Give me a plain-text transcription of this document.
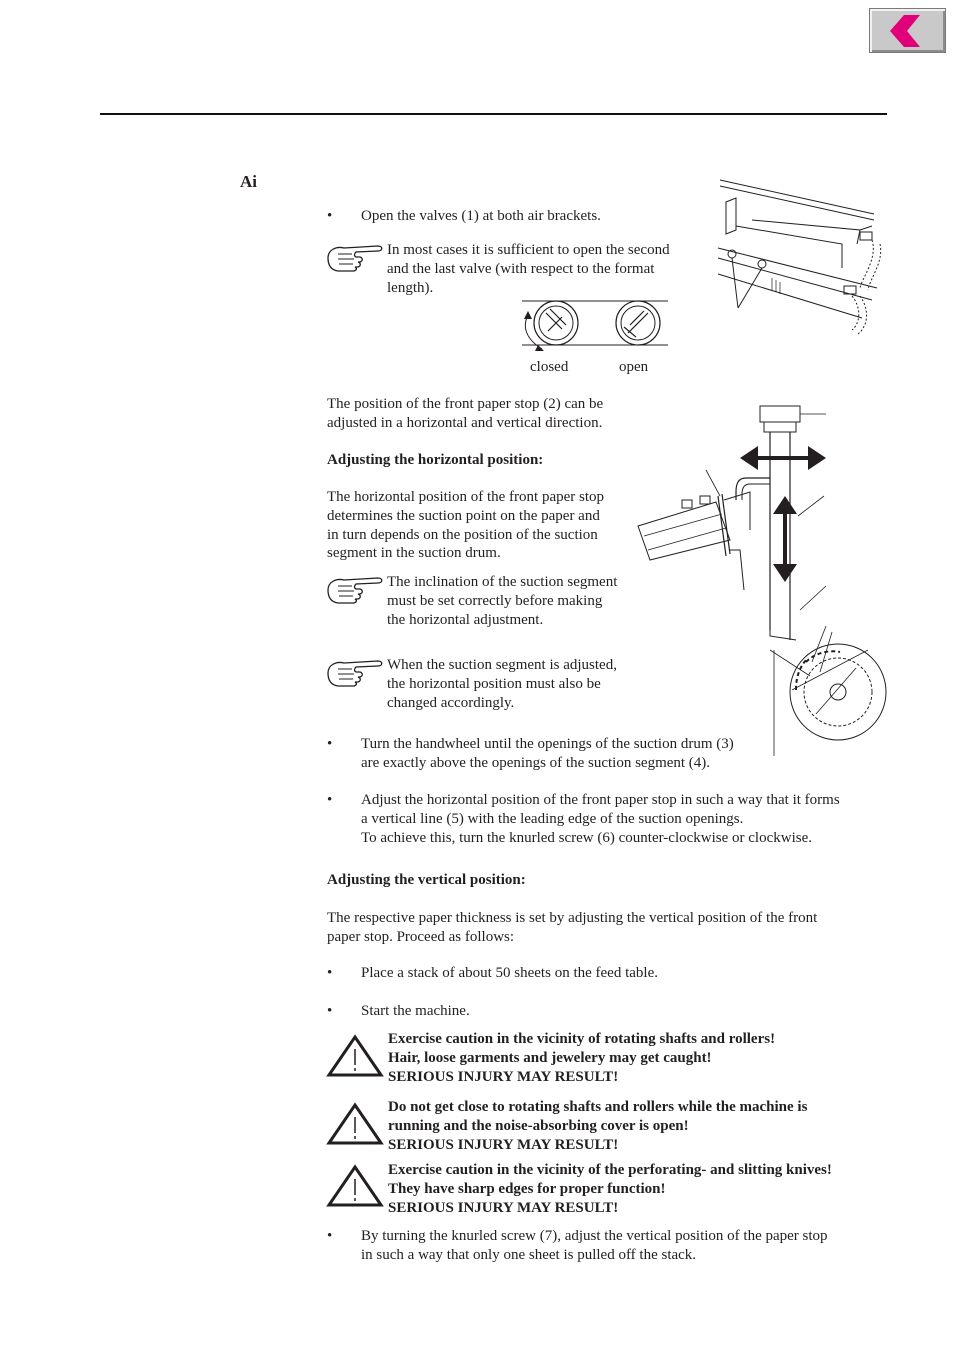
Ai
• Open the valves (1) at both air brackets.
In most cases it is sufficient to open the second
and the last valve (with respect to the format
length).
closed	open
The position of the front paper stop (2) can be
adjusted in a horizontal and vertical direction.
Adjusting the horizontal position:
The horizontal position of the front paper stop
determines the suction point on the paper and
in turn depends on the position of the suction
segment in the suction drum.
The inclination of the suction segment
must be set correctly before making
the horizontal adjustment.
When the suction segment is adjusted,
the horizontal position must also be
changed accordingly.
• Turn the handwheel until the openings of the suction drum (3)
are exactly above the openings of the suction segment (4).
• Adjust the horizontal position of the front paper stop in such a way that it forms
a vertical line (5) with the leading edge of the suction openings.
To achieve this, turn the knurled screw (6) counter-clockwise or clockwise.
Adjusting the vertical position:
The respective paper thickness is set by adjusting the vertical position of the front
paper stop. Proceed as follows:
• Place a stack of about 50 sheets on the feed table.
• Start the machine.
Exercise caution in the vicinity of rotating shafts and rollers!
Hair, loose garments and jewelery may get caught!
SERIOUS INJURY MAY RESULT!
Do not get close to rotating shafts and rollers while the machine is
running and the noise-absorbing cover is open!
SERIOUS INJURY MAY RESULT!
Exercise caution in the vicinity of the perforating- and slitting knives!
They have sharp edges for proper function!
SERIOUS INJURY MAY RESULT!
• By turning the knurled screw (7), adjust the vertical position of the paper stop
in such a way that only one sheet is pulled off the stack.
